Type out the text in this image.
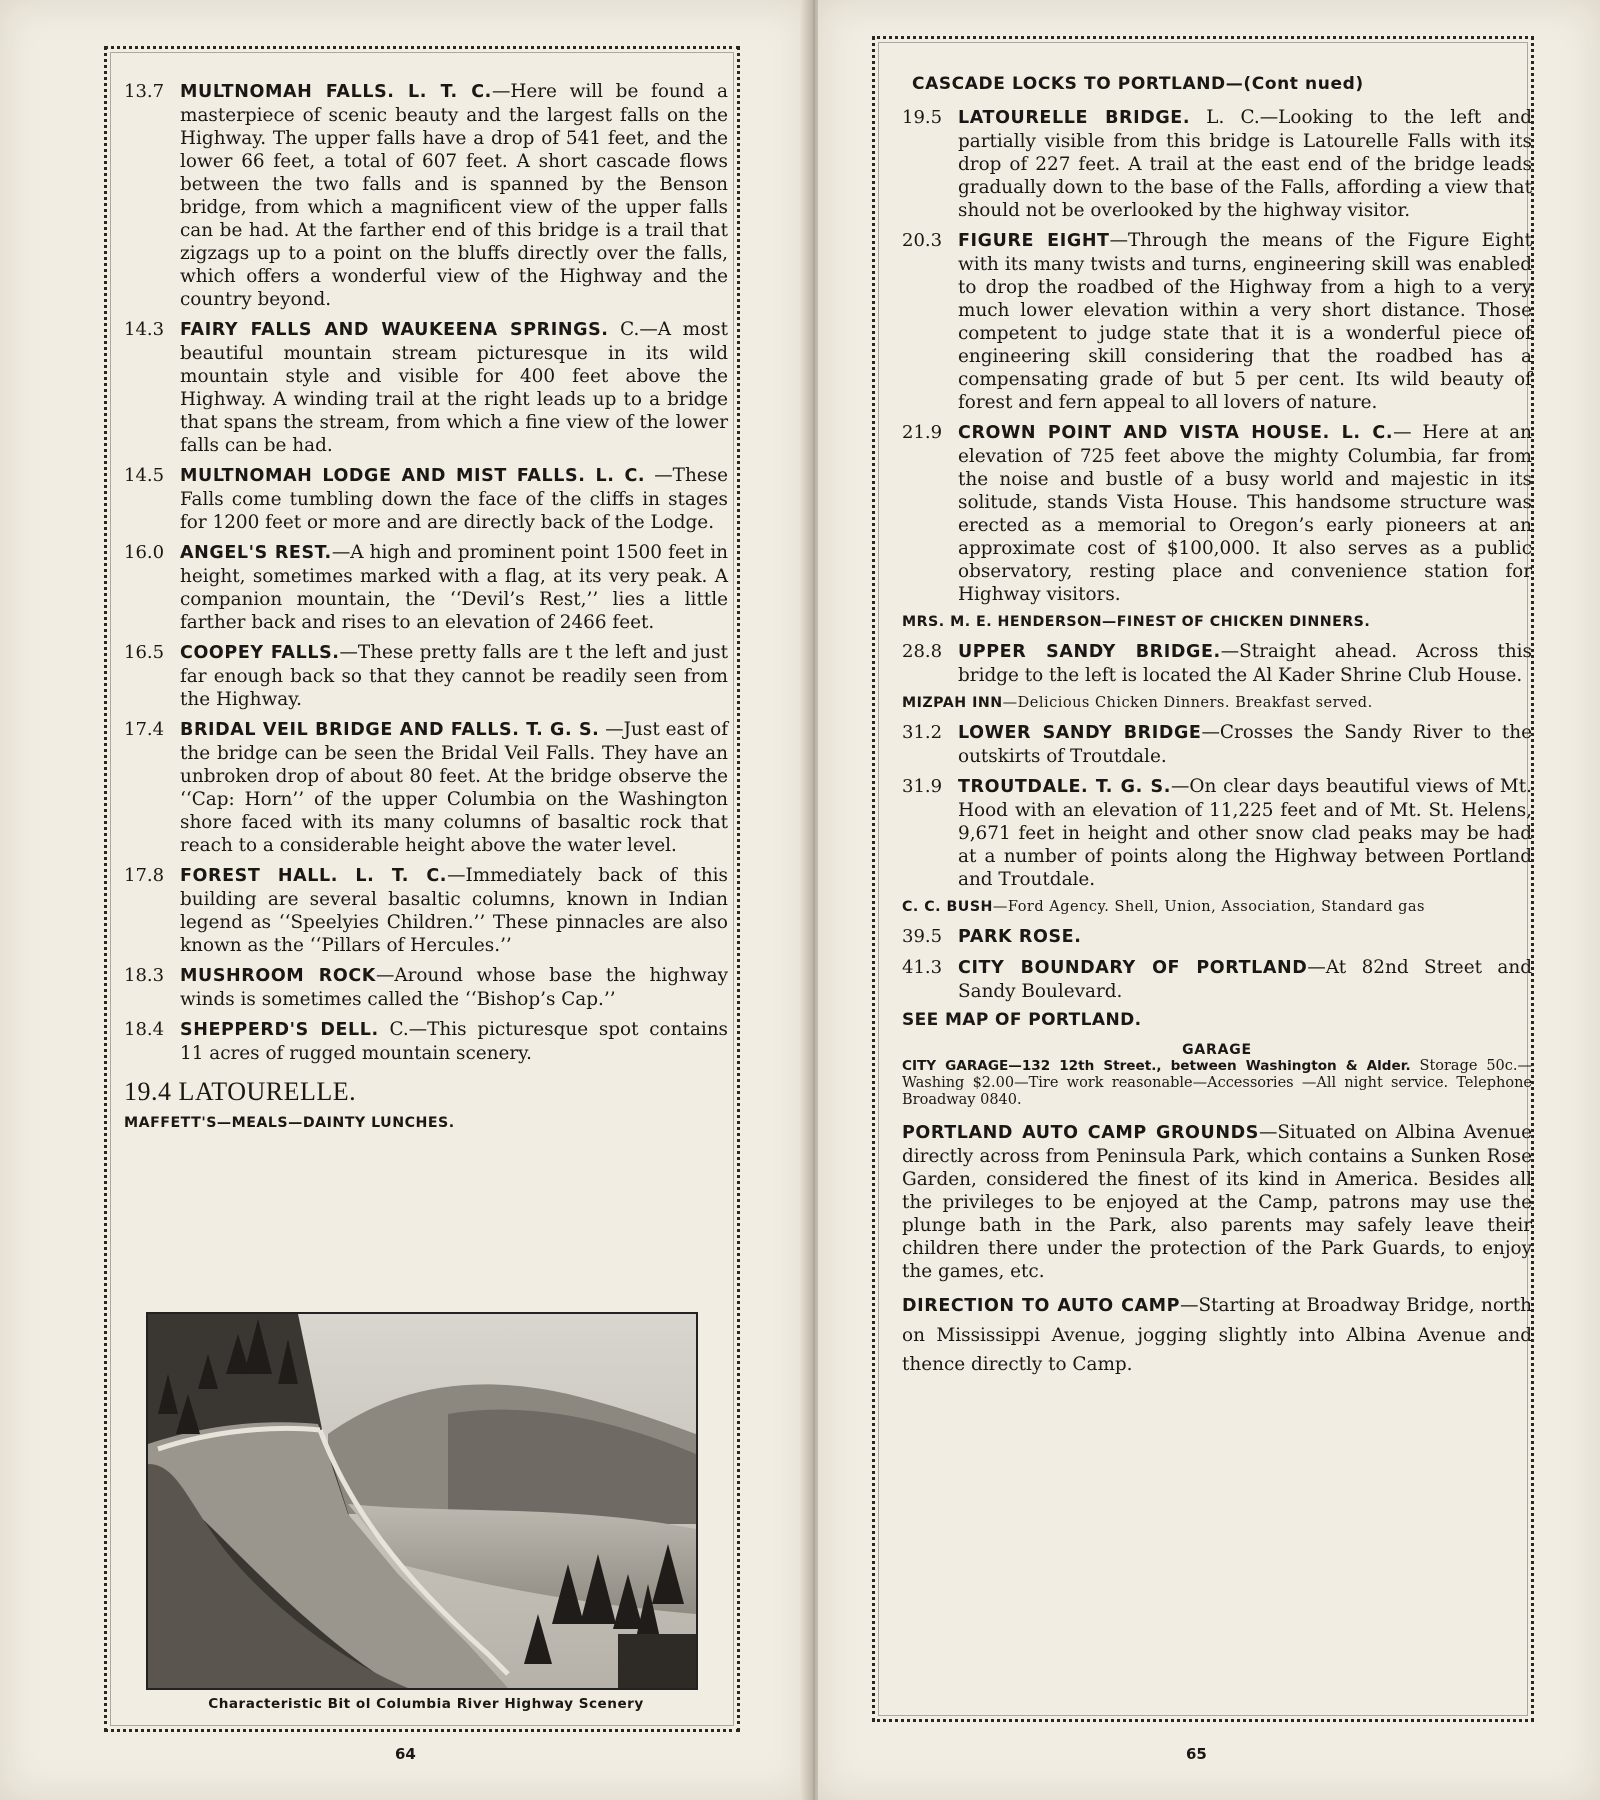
13.7 MULTNOMAH FALLS. L. T. C.—Here will be found a masterpiece of scenic beauty and the largest falls on the Highway. The upper falls have a drop of 541 feet, and the lower 66 feet, a total of 607 feet. A short cascade flows between the two falls and is spanned by the Benson bridge, from which a magnificent view of the upper falls can be had. At the farther end of this bridge is a trail that zigzags up to a point on the bluffs directly over the falls, which offers a wonderful view of the Highway and the country beyond.
14.3 FAIRY FALLS AND WAUKEENA SPRINGS. C.—A most beautiful mountain stream picturesque in its wild mountain style and visible for 400 feet above the Highway. A winding trail at the right leads up to a bridge that spans the stream, from which a fine view of the lower falls can be had.
14.5 MULTNOMAH LODGE AND MIST FALLS. L. C. —These Falls come tumbling down the face of the cliffs in stages for 1200 feet or more and are directly back of the Lodge.
16.0 ANGEL'S REST.—A high and prominent point 1500 feet in height, sometimes marked with a flag, at its very peak. A companion mountain, the ‘‘Devil’s Rest,’’ lies a little farther back and rises to an elevation of 2466 feet.
16.5 COOPEY FALLS.—These pretty falls are t the left and just far enough back so that they cannot be readily seen from the Highway.
17.4 BRIDAL VEIL BRIDGE AND FALLS. T. G. S. —Just east of the bridge can be seen the Bridal Veil Falls. They have an unbroken drop of about 80 feet. At the bridge observe the ‘‘Cap: Horn’’ of the upper Columbia on the Washington shore faced with its many columns of basaltic rock that reach to a considerable height above the water level.
17.8 FOREST HALL. L. T. C.—Immediately back of this building are several basaltic columns, known in Indian legend as ‘‘Speelyies Children.’’ These pinnacles are also known as the ‘‘Pillars of Hercules.’’
18.3 MUSHROOM ROCK—Around whose base the highway winds is sometimes called the ‘‘Bishop’s Cap.’’
18.4 SHEPPERD'S DELL. C.—This picturesque spot contains 11 acres of rugged mountain scenery.
19.4 LATOURELLE.
MAFFETT'S—MEALS—DAINTY LUNCHES.
Characteristic Bit ol Columbia River Highway Scenery
64
CASCADE LOCKS TO PORTLAND—(Cont nued)
19.5 LATOURELLE BRIDGE. L. C.—Looking to the left and partially visible from this bridge is Latourelle Falls with its drop of 227 feet. A trail at the east end of the bridge leads gradually down to the base of the Falls, affording a view that should not be overlooked by the highway visitor.
20.3 FIGURE EIGHT—Through the means of the Figure Eight with its many twists and turns, engineering skill was enabled to drop the roadbed of the Highway from a high to a very much lower elevation within a very short distance. Those competent to judge state that it is a wonderful piece of engineering skill considering that the roadbed has a compensating grade of but 5 per cent. Its wild beauty of forest and fern appeal to all lovers of nature.
21.9 CROWN POINT AND VISTA HOUSE. L. C.— Here at an elevation of 725 feet above the mighty Columbia, far from the noise and bustle of a busy world and majestic in its solitude, stands Vista House. This handsome structure was erected as a memorial to Oregon’s early pioneers at an approximate cost of $100,000. It also serves as a public observatory, resting place and convenience station for Highway visitors.
MRS. M. E. HENDERSON—FINEST OF CHICKEN DINNERS.
28.8 UPPER SANDY BRIDGE.—Straight ahead. Across this bridge to the left is located the Al Kader Shrine Club House.
MIZPAH INN—Delicious Chicken Dinners. Breakfast served.
31.2 LOWER SANDY BRIDGE—Crosses the Sandy River to the outskirts of Troutdale.
31.9 TROUTDALE. T. G. S.—On clear days beautiful views of Mt. Hood with an elevation of 11,225 feet and of Mt. St. Helens, 9,671 feet in height and other snow clad peaks may be had at a number of points along the Highway between Portland and Troutdale.
C. C. BUSH—Ford Agency. Shell, Union, Association, Standard gas
39.5 PARK ROSE.
41.3 CITY BOUNDARY OF PORTLAND—At 82nd Street and Sandy Boulevard.
SEE MAP OF PORTLAND.
GARAGE
CITY GARAGE—132 12th Street., between Washington & Alder. Storage 50c.—Washing $2.00—Tire work reasonable—Accessories —All night service. Telephone Broadway 0840.
PORTLAND AUTO CAMP GROUNDS—Situated on Albina Avenue directly across from Peninsula Park, which contains a Sunken Rose Garden, considered the finest of its kind in America. Besides all the privileges to be enjoyed at the Camp, patrons may use the plunge bath in the Park, also parents may safely leave their children there under the protection of the Park Guards, to enjoy the games, etc.
DIRECTION TO AUTO CAMP—Starting at Broadway Bridge, north on Mississippi Avenue, jogging slightly into Albina Avenue and thence directly to Camp.
65
